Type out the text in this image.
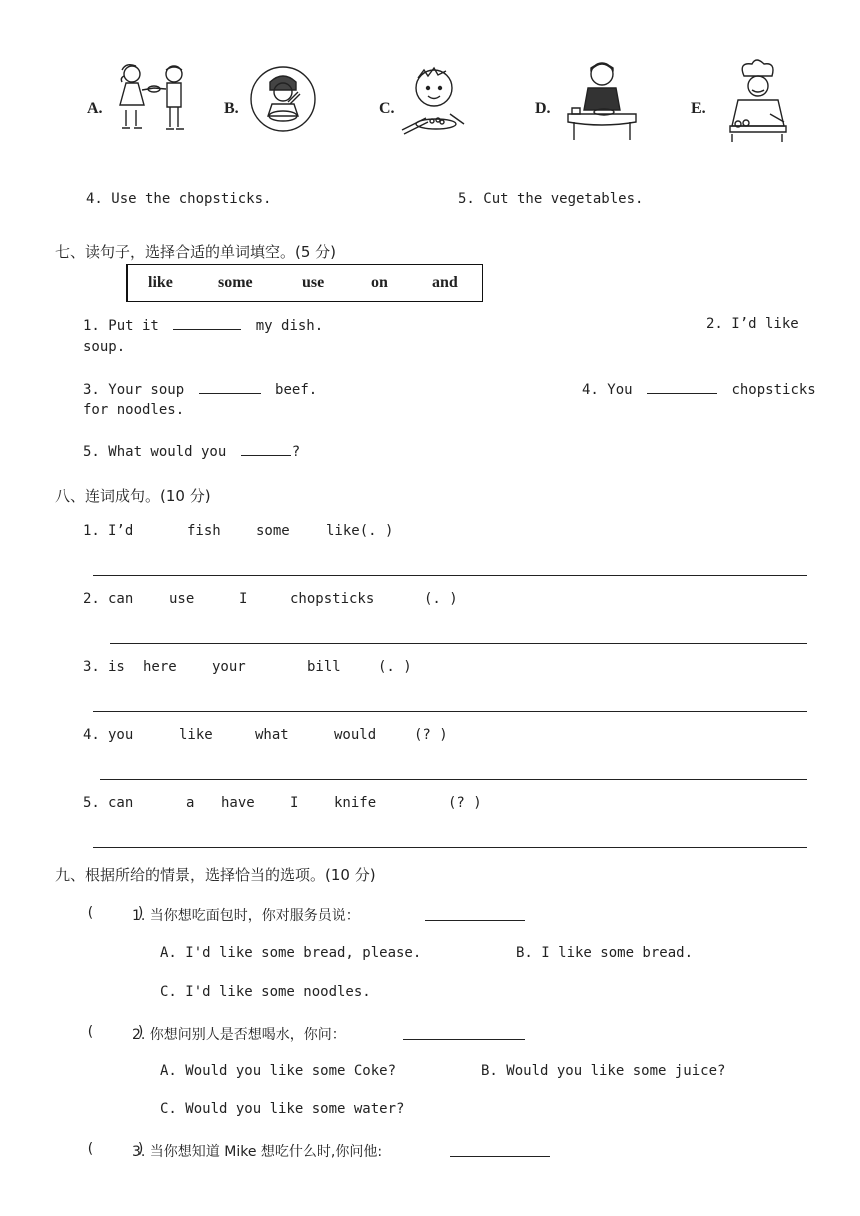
A.	B.	C.	D.	E.
4. Use the chopsticks.	5. Cut the vegetables.
七、读句子，选择合适的单词填空。(5 分)
like	some	use	on	and
1. Put it	my dish.	2. I’d like
soup.
3. Your soup	beef.	4. You	chopsticks
for noodles.
5. What would you	?
八、连词成句。(10 分)
1. I’d	fish	some	like(. )
2. can	use	I	chopsticks	(. )
3. is here	your	bill	(. )
4. you	like	what	would	(? )
5. can	a have	I	knife	(? )
九、根据所给的情景，选择恰当的选项。(10 分)
(     )
1. 当你想吃面包时，你对服务员说：
A. I'd like some bread, please.	B. I like some bread.
C. I'd like some noodles.
(     )
2. 你想问别人是否想喝水，你问：
A. Would you like some Coke?	B. Would you like some juice?
C. Would you like some water?
(     )
3. 当你想知道 Mike 想吃什么时,你问他:
